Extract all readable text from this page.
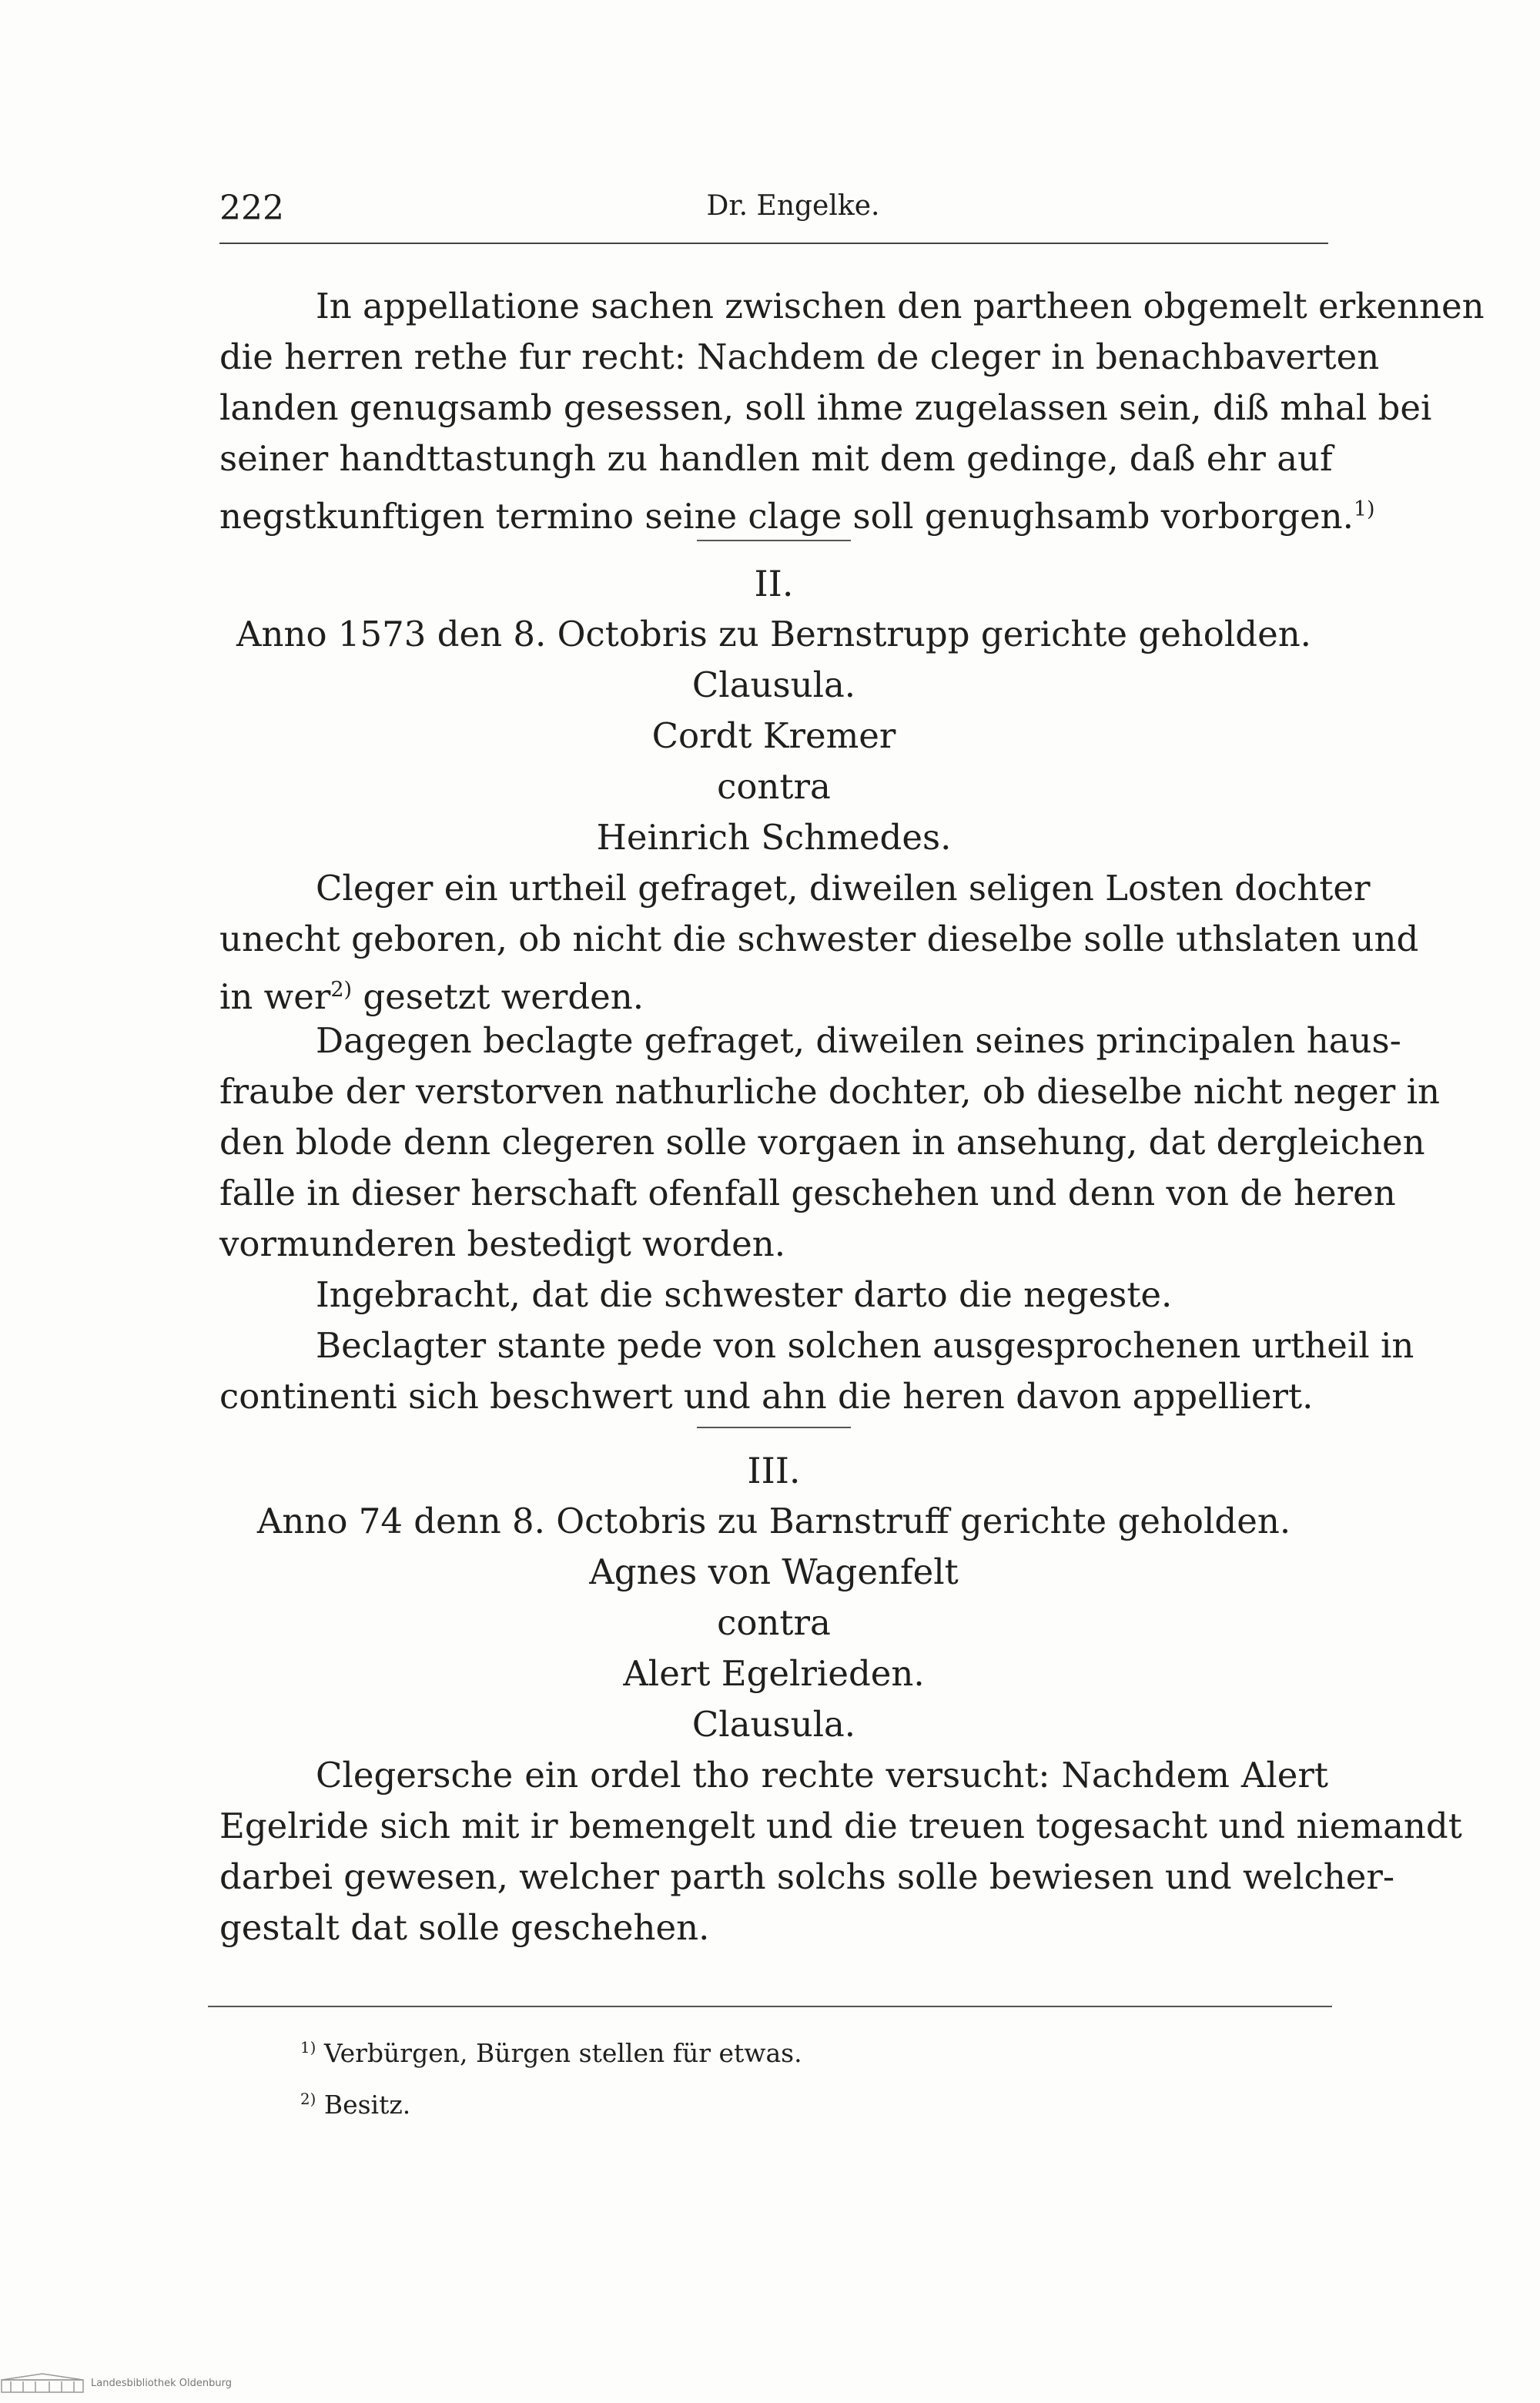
222	Dr. Engelke.
In appellatione sachen zwischen den partheen obgemelt erkennen
die herren rethe fur recht: Nachdem de cleger in benachbaverten
landen genugsamb gesessen, soll ihme zugelassen sein, diß mhal bei
seiner handttastungh zu handlen mit dem gedinge, daß ehr auf
negstkunftigen termino seine clage soll genughsamb vorborgen.$^{1)}$
II.
Anno 1573 den 8. Octobris zu Bernstrupp gerichte geholden.
Clausula.
Cordt Kremer
contra
Heinrich Schmedes.
Cleger ein urtheil gefraget, diweilen seligen Losten dochter
unecht geboren, ob nicht die schwester dieselbe solle uthslaten und
in wer$^{2)}$ gesetzt werden.
Dagegen beclagte gefraget, diweilen seines principalen haus-
fraube der verstorven nathurliche dochter, ob dieselbe nicht neger in
den blode denn clegeren solle vorgaen in ansehung, dat dergleichen
falle in dieser herschaft ofenfall geschehen und denn von de heren
vormunderen bestedigt worden.
Ingebracht, dat die schwester darto die negeste.
Beclagter stante pede von solchen ausgesprochenen urtheil in
continenti sich beschwert und ahn die heren davon appelliert.
III.
Anno 74 denn 8. Octobris zu Barnstruff gerichte geholden.
Agnes von Wagenfelt
contra
Alert Egelrieden.
Clausula.
Clegersche ein ordel tho rechte versucht: Nachdem Alert
Egelride sich mit ir bemengelt und die treuen togesacht und niemandt
darbei gewesen, welcher parth solchs solle bewiesen und welcher-
gestalt dat solle geschehen.
$^{1)}$ Verbürgen, Bürgen stellen für etwas.
$^{2)}$ Besitz.
Landesbibliothek Oldenburg
